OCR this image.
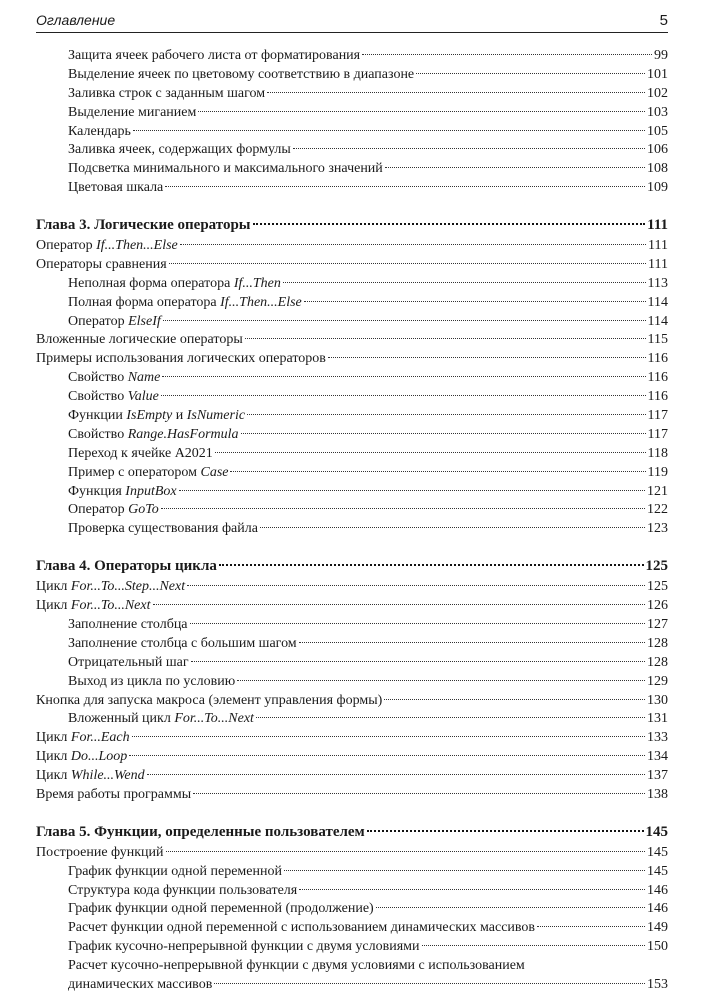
Оглавление	5
Защита ячеек рабочего листа от форматирования	99
Выделение ячеек по цветовому соответствию в диапазоне	101
Заливка строк с заданным шагом	102
Выделение миганием	103
Календарь	105
Заливка ячеек, содержащих формулы	106
Подсветка минимального и максимального значений	108
Цветовая шкала	109
Глава 3. Логические операторы	111
Оператор If...Then...Else	111
Операторы сравнения	111
Неполная форма оператора If...Then	113
Полная форма оператора If...Then...Else	114
Оператор ElseIf	114
Вложенные логические операторы	115
Примеры использования логических операторов	116
Свойство Name	116
Свойство Value	116
Функции IsEmpty и IsNumeric	117
Свойство Range.HasFormula	117
Переход к ячейке A2021	118
Пример с оператором Case	119
Функция InputBox	121
Оператор GoTo	122
Проверка существования файла	123
Глава 4. Операторы цикла	125
Цикл For...To...Step...Next	125
Цикл For...To...Next	126
Заполнение столбца	127
Заполнение столбца с большим шагом	128
Отрицательный шаг	128
Выход из цикла по условию	129
Кнопка для запуска макроса (элемент управления формы)	130
Вложенный цикл For...To...Next	131
Цикл For...Each	133
Цикл Do...Loop	134
Цикл While...Wend	137
Время работы программы	138
Глава 5. Функции, определенные пользователем	145
Построение функций	145
График функции одной переменной	145
Структура кода функции пользователя	146
График функции одной переменной (продолжение)	146
Расчет функции одной переменной с использованием динамических массивов	149
График кусочно-непрерывной функции с двумя условиями	150
Расчет кусочно-непрерывной функции с двумя условиями с использованием
динамических массивов	153
